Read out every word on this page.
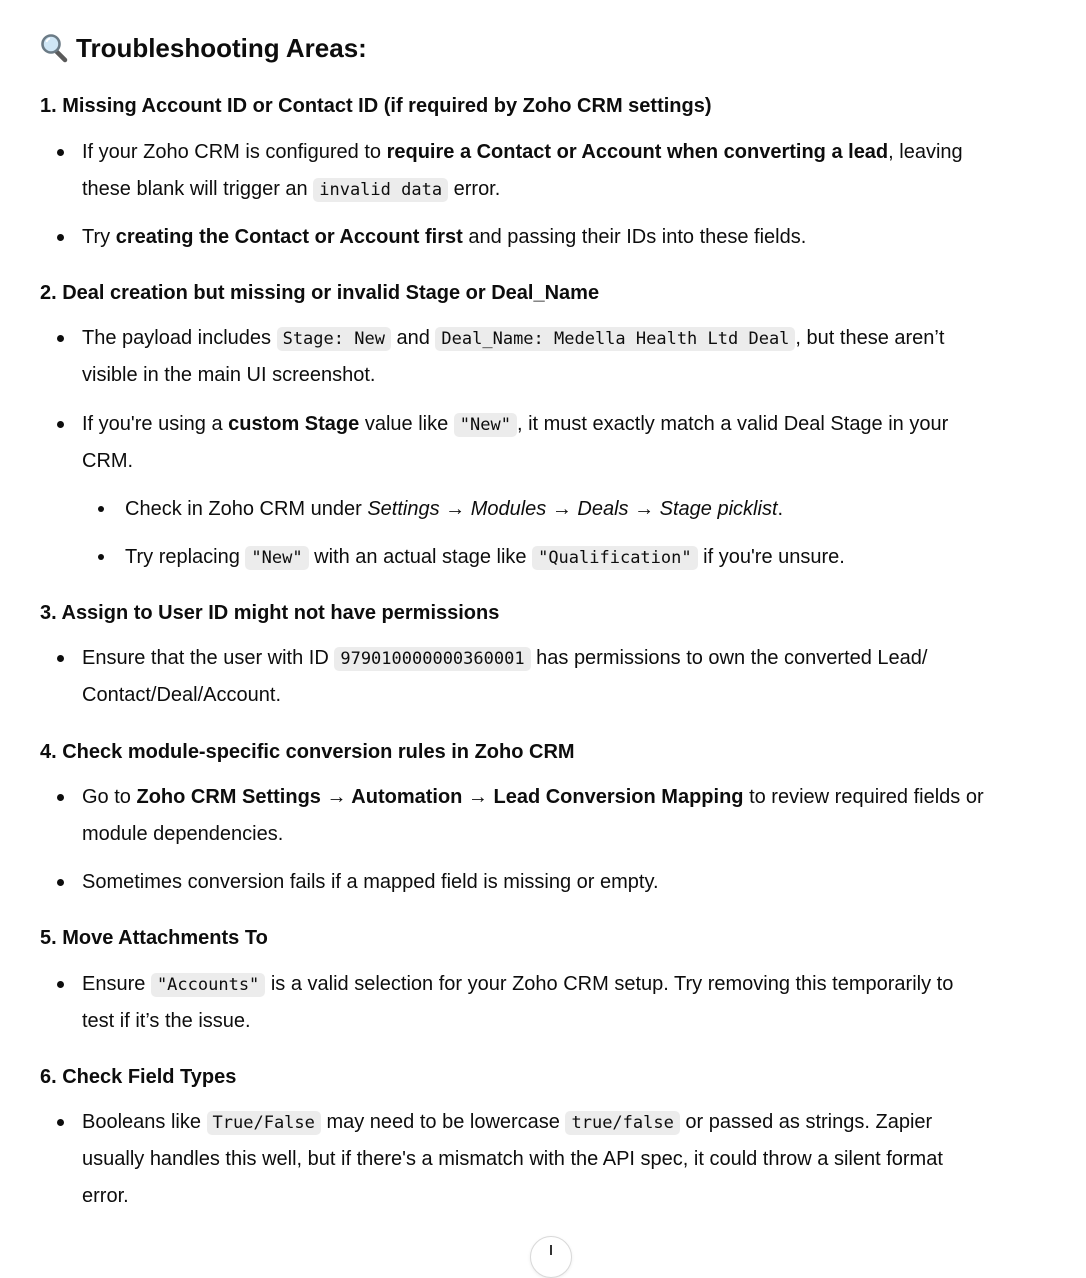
Troubleshooting Areas:
1. Missing Account ID or Contact ID (if required by Zoho CRM settings)
If your Zoho CRM is configured to require a Contact or Account when converting a lead, leaving
these blank will trigger an invalid data error.
Try creating the Contact or Account first and passing their IDs into these fields.
2. Deal creation but missing or invalid Stage or Deal_Name
The payload includes Stage: New and Deal_Name: Medella Health Ltd Deal , but these aren’t
visible in the main UI screenshot.
If you're using a custom Stage value like "New" , it must exactly match a valid Deal Stage in your
CRM.
Check in Zoho CRM under Settings → Modules → Deals → Stage picklist.
Try replacing "New" with an actual stage like "Qualification" if you're unsure.
3. Assign to User ID might not have permissions
Ensure that the user with ID 979010000000360001 has permissions to own the converted Lead/
Contact/Deal/Account.
4. Check module-specific conversion rules in Zoho CRM
Go to Zoho CRM Settings → Automation → Lead Conversion Mapping to review required fields or
module dependencies.
Sometimes conversion fails if a mapped field is missing or empty.
5. Move Attachments To
Ensure "Accounts" is a valid selection for your Zoho CRM setup. Try removing this temporarily to
test if it’s the issue.
6. Check Field Types
Booleans like True/False may need to be lowercase true/false or passed as strings. Zapier
usually handles this well, but if there's a mismatch with the API spec, it could throw a silent format
error.
